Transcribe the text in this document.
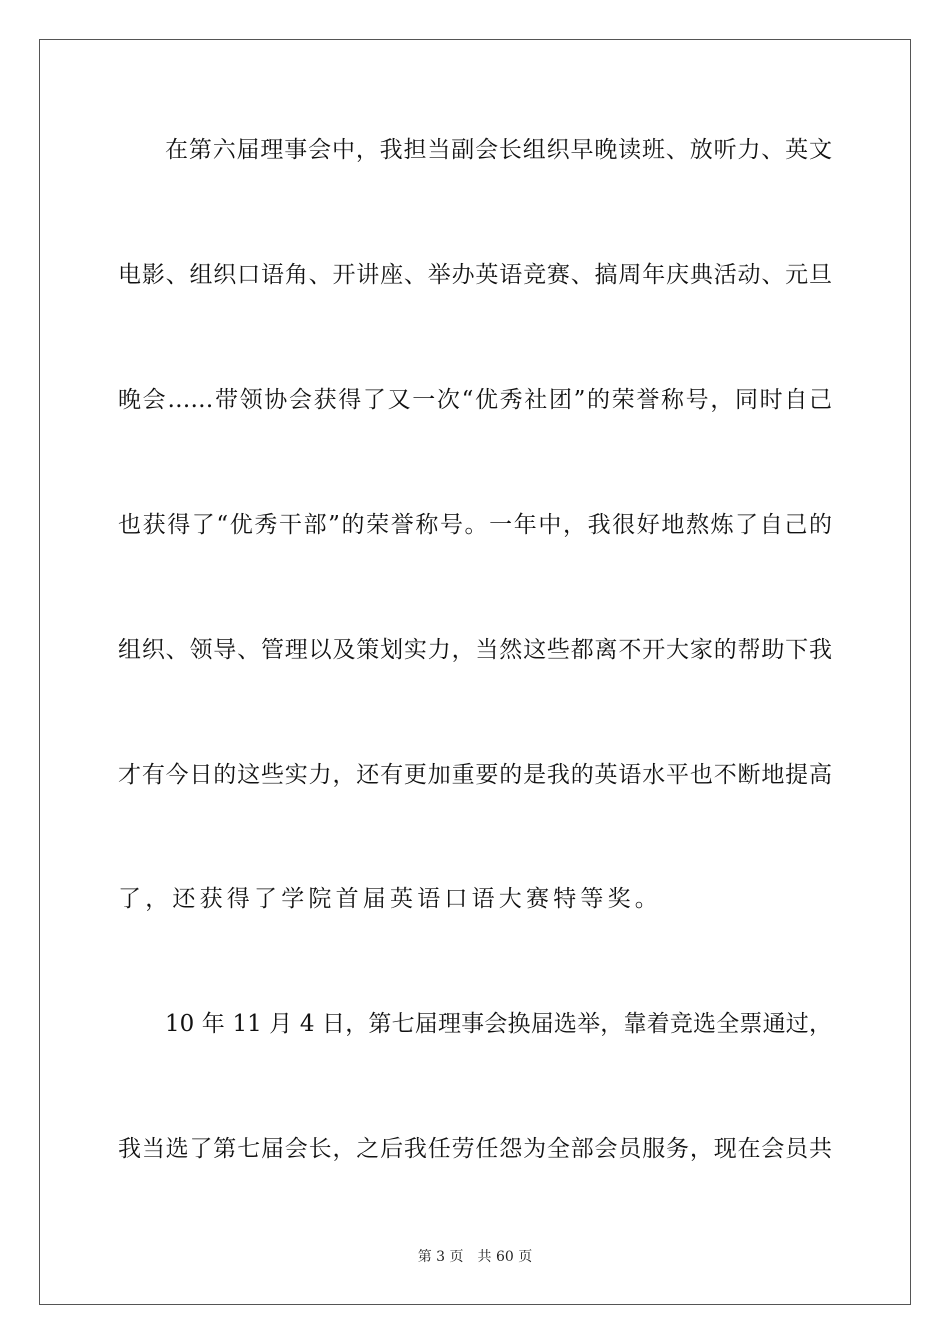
在第六届理事会中，我担当副会长组织早晚读班、放听力、英文
电影、组织口语角、开讲座、举办英语竞赛、搞周年庆典活动、元旦
晚会……带领协会获得了又一次“优秀社团”的荣誉称号，同时自己
也获得了“优秀干部”的荣誉称号。一年中，我很好地熬炼了自己的
组织、领导、管理以及策划实力，当然这些都离不开大家的帮助下我
才有今日的这些实力，还有更加重要的是我的英语水平也不断地提高
了，还获得了学院首届英语口语大赛特等奖。
10 年 11 月 4 日，第七届理事会换届选举，靠着竞选全票通过，
我当选了第七届会长，之后我任劳任怨为全部会员服务，现在会员共
第 3 页　共 60 页
